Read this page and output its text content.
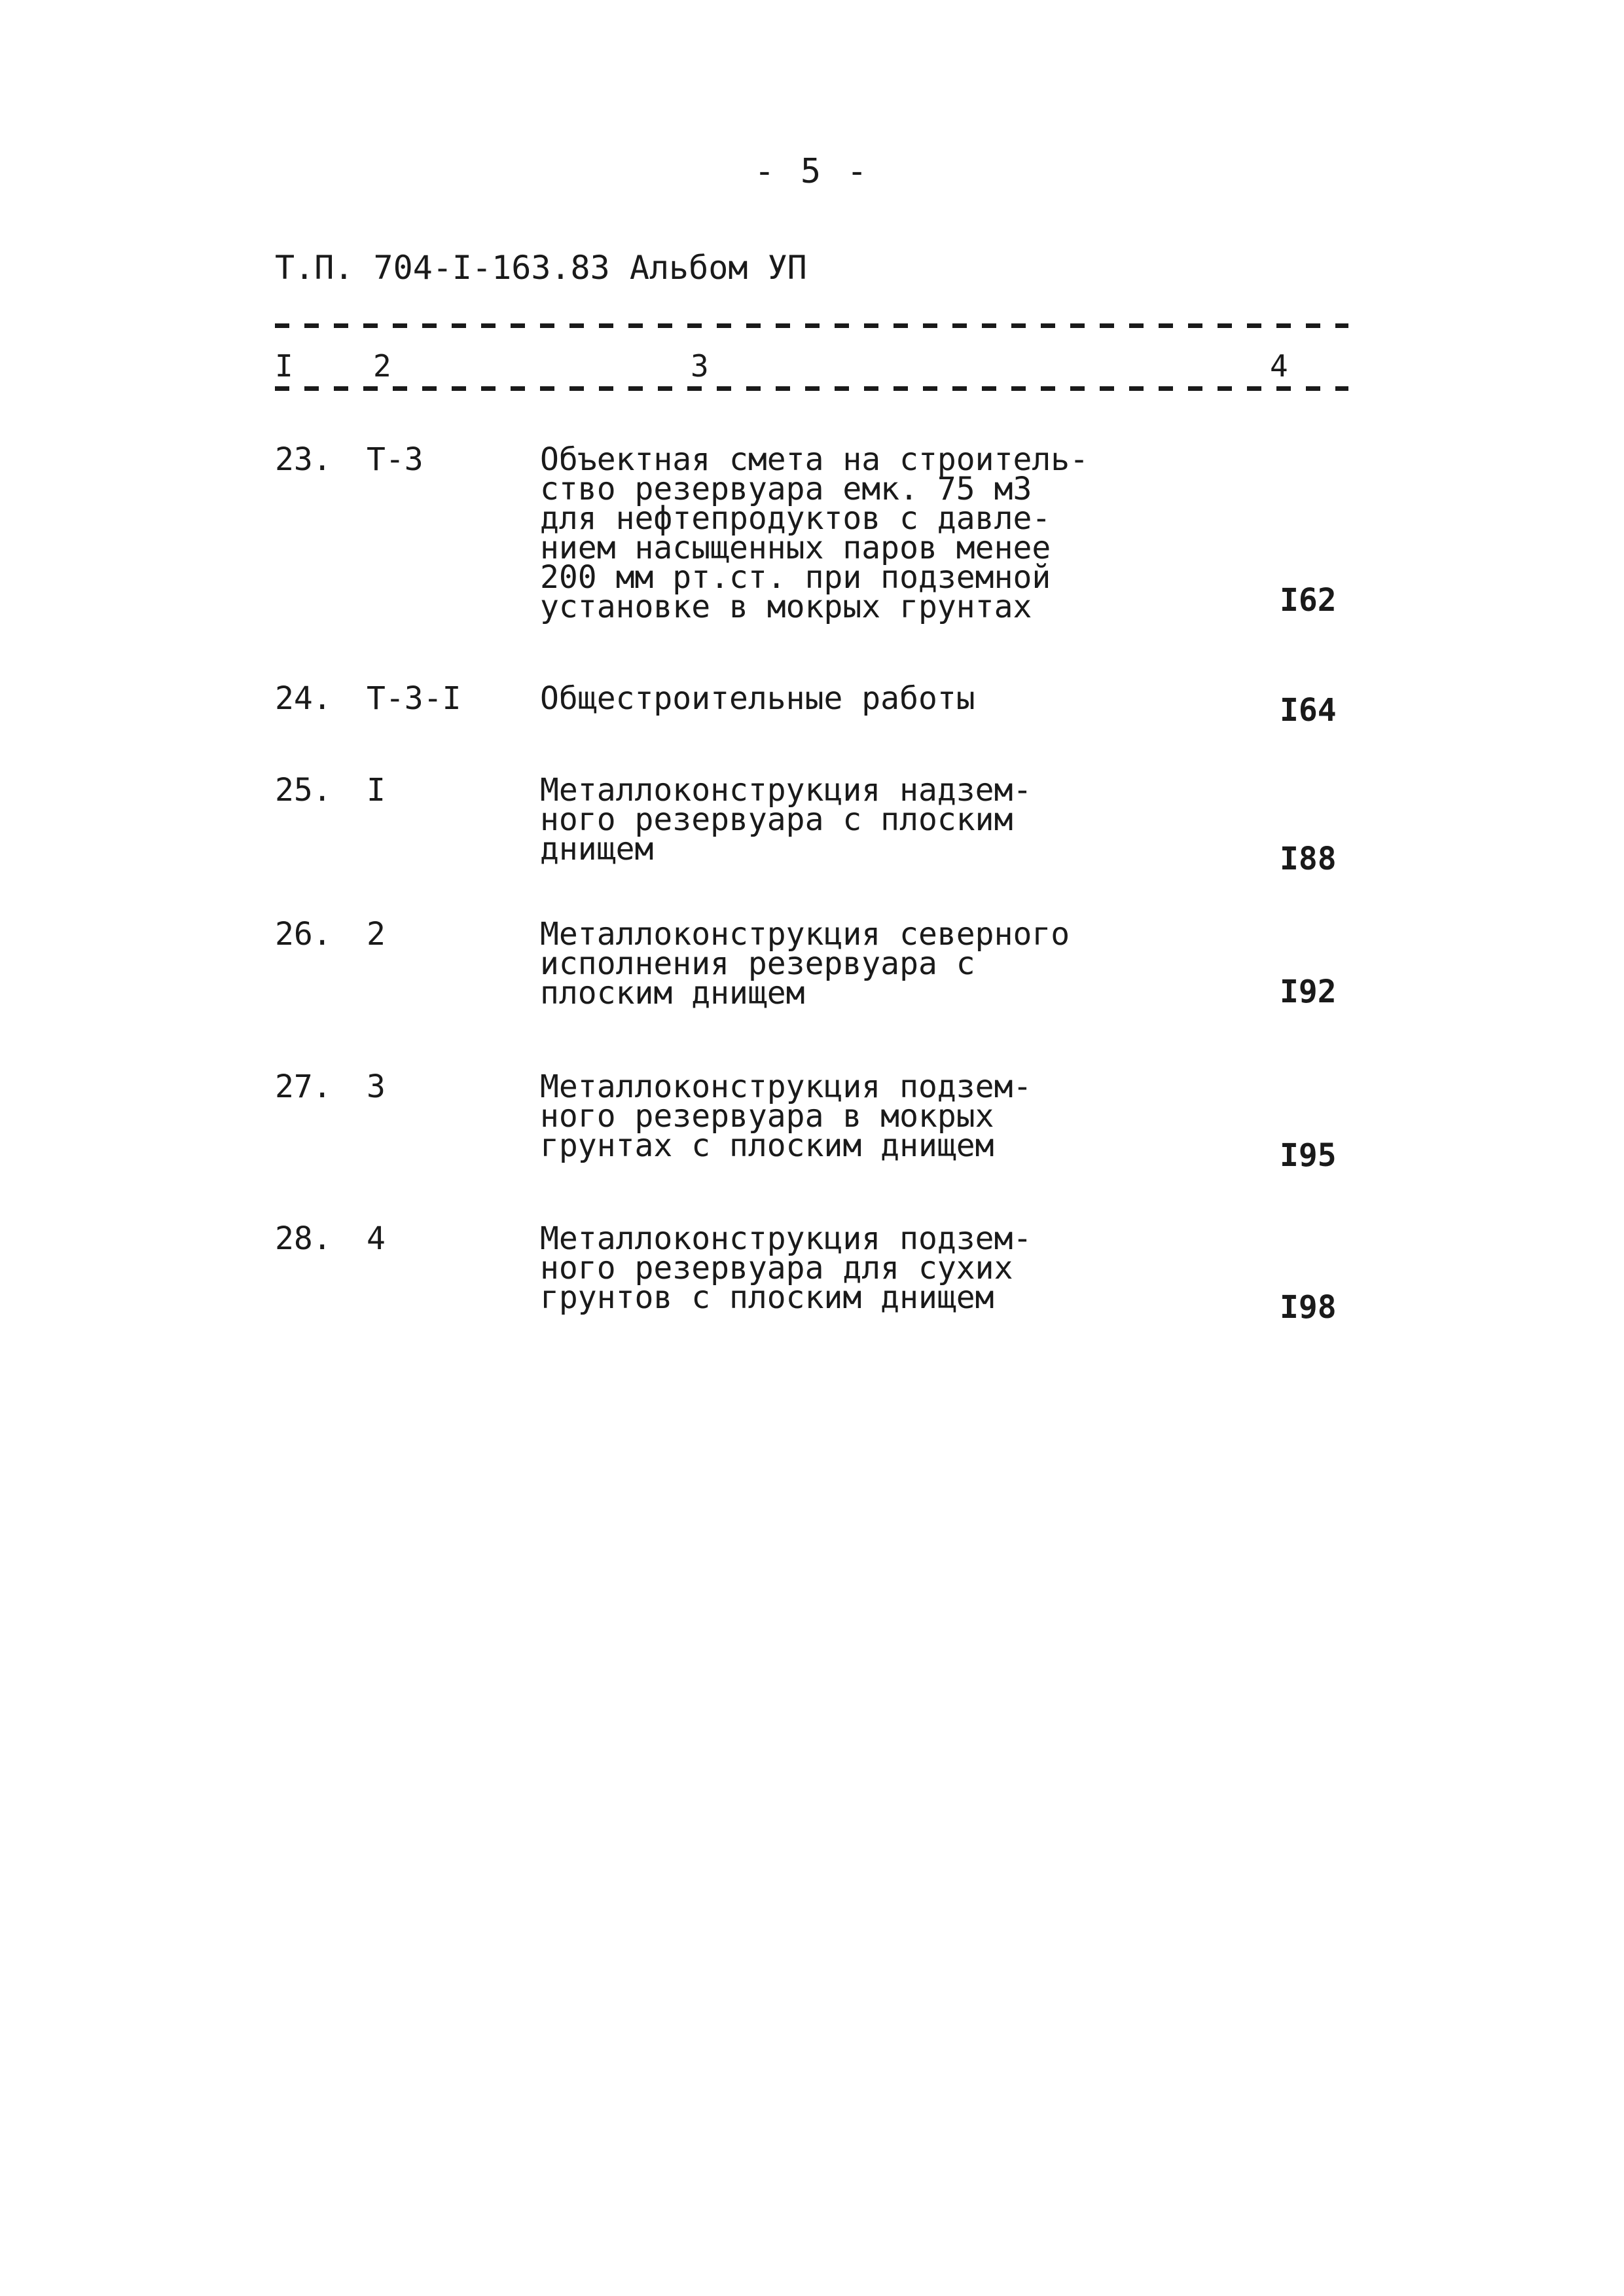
- 5 -
Т.П. 704-I-163.83 Альбом УП
I	2	3	4
23. Т-3	Объектная смета на строитель-
ство резервуара емк. 75 м3
для нефтепродуктов с давле-
нием насыщенных паров менее
200 мм рт.ст. при подземной
установке в мокрых грунтах	I62
24. Т-3-I	Общестроительные работы	I64
25. I	Металлоконструкция надзем-
ного резервуара с плоским
днищем	I88
26. 2	Металлоконструкция северного
исполнения резервуара с
плоским днищем	I92
27. 3	Металлоконструкция подзем-
ного резервуара в мокрых
грунтах с плоским днищем	I95
28. 4	Металлоконструкция подзем-
ного резервуара для сухих
грунтов с плоским днищем	I98
